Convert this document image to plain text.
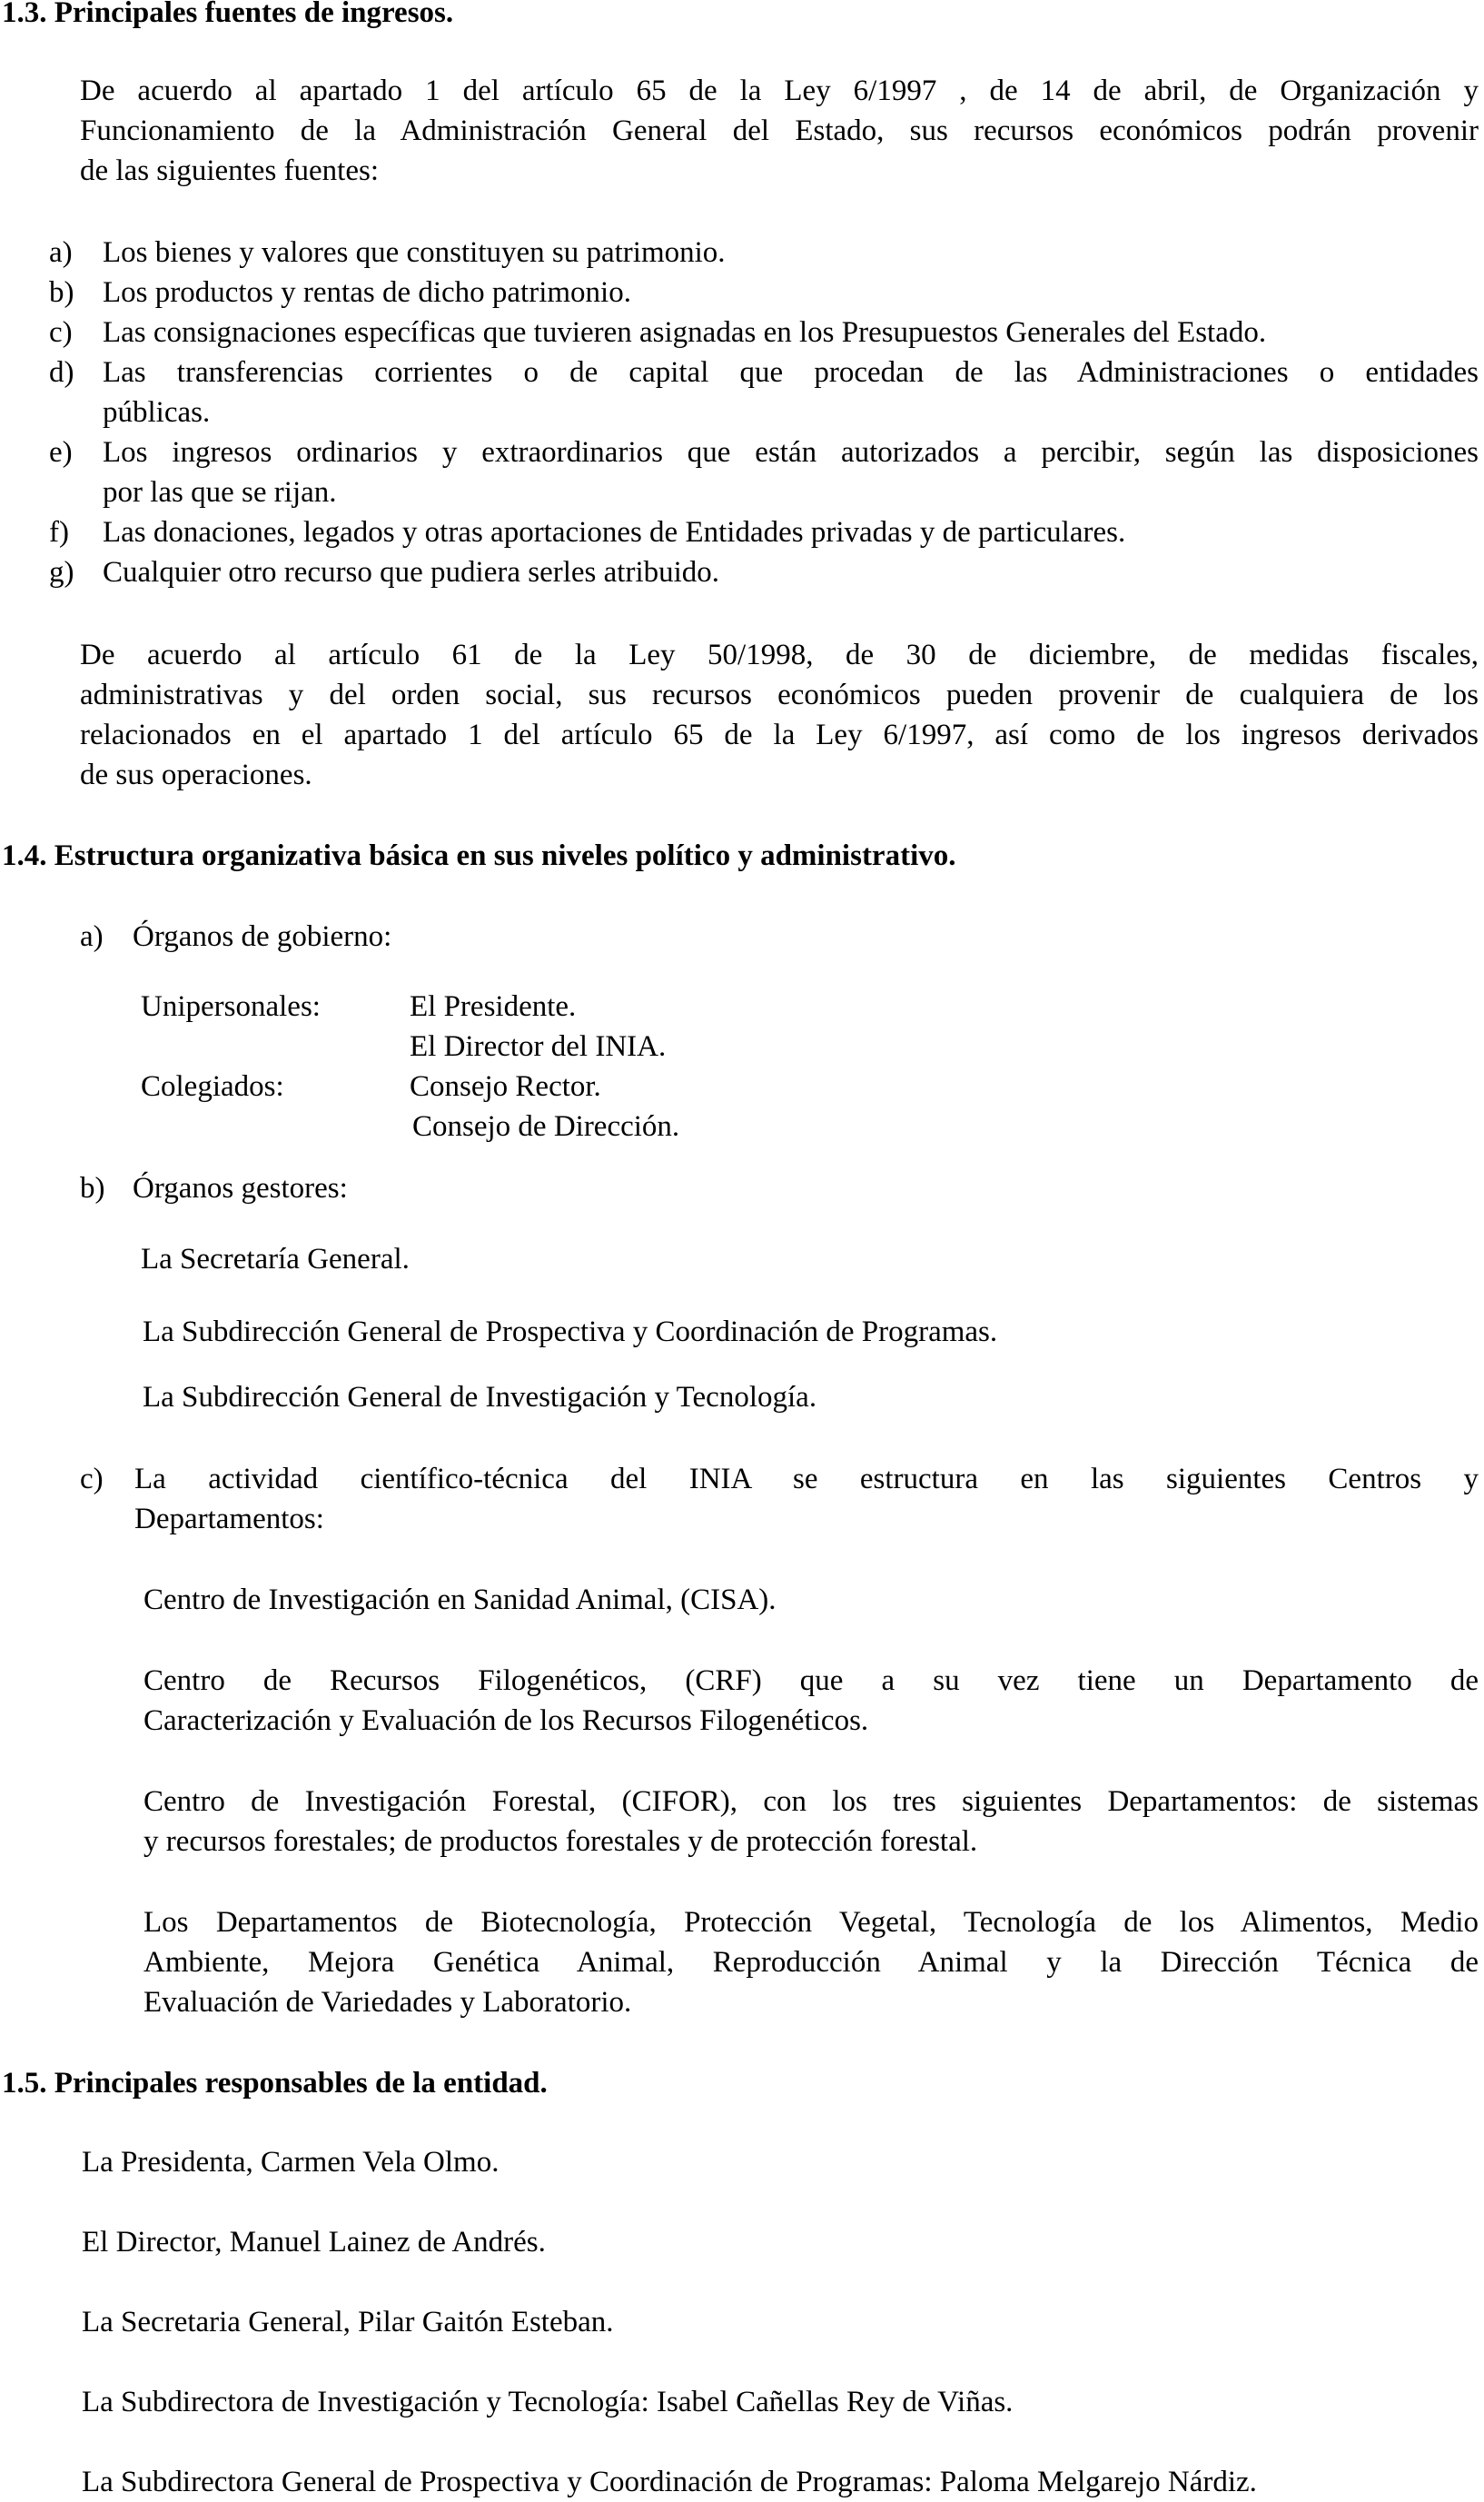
1.3. Principales fuentes de ingresos.
De acuerdo al apartado 1 del artículo 65 de la Ley 6/1997 , de 14 de abril, de Organización y
Funcionamiento de la Administración General del Estado, sus recursos económicos podrán provenir
de las siguientes fuentes:
a) Los bienes y valores que constituyen su patrimonio.
b) Los productos y rentas de dicho patrimonio.
c) Las consignaciones específicas que tuvieren asignadas en los Presupuestos Generales del Estado.
d) Las transferencias corrientes o de capital que procedan de las Administraciones o entidades
públicas.
e) Los ingresos ordinarios y extraordinarios que están autorizados a percibir, según las disposiciones
por las que se rijan.
f) Las donaciones, legados y otras aportaciones de Entidades privadas y de particulares.
g) Cualquier otro recurso que pudiera serles atribuido.
De acuerdo al artículo 61 de la Ley 50/1998, de 30 de diciembre, de medidas fiscales,
administrativas y del orden social, sus recursos económicos pueden provenir de cualquiera de los
relacionados en el apartado 1 del artículo 65 de la Ley 6/1997, así como de los ingresos derivados
de sus operaciones.
1.4. Estructura organizativa básica en sus niveles político y administrativo.
a) Órganos de gobierno:
Unipersonales:	El Presidente.
El Director del INIA.
Colegiados:	Consejo Rector.
Consejo de Dirección.
b) Órganos gestores:
La Secretaría General.
La Subdirección General de Prospectiva y Coordinación de Programas.
La Subdirección General de Investigación y Tecnología.
c) La actividad científico-técnica del INIA se estructura en las siguientes Centros y
Departamentos:
Centro de Investigación en Sanidad Animal, (CISA).
Centro de Recursos Filogenéticos, (CRF) que a su vez tiene un Departamento de
Caracterización y Evaluación de los Recursos Filogenéticos.
Centro de Investigación Forestal, (CIFOR), con los tres siguientes Departamentos: de sistemas
y recursos forestales; de productos forestales y de protección forestal.
Los Departamentos de Biotecnología, Protección Vegetal, Tecnología de los Alimentos, Medio
Ambiente, Mejora Genética Animal, Reproducción Animal y la Dirección Técnica de
Evaluación de Variedades y Laboratorio.
1.5. Principales responsables de la entidad.
La Presidenta, Carmen Vela Olmo.
El Director, Manuel Lainez de Andrés.
La Secretaria General, Pilar Gaitón Esteban.
La Subdirectora de Investigación y Tecnología: Isabel Cañellas Rey de Viñas.
La Subdirectora General de Prospectiva y Coordinación de Programas: Paloma Melgarejo Nárdiz.
